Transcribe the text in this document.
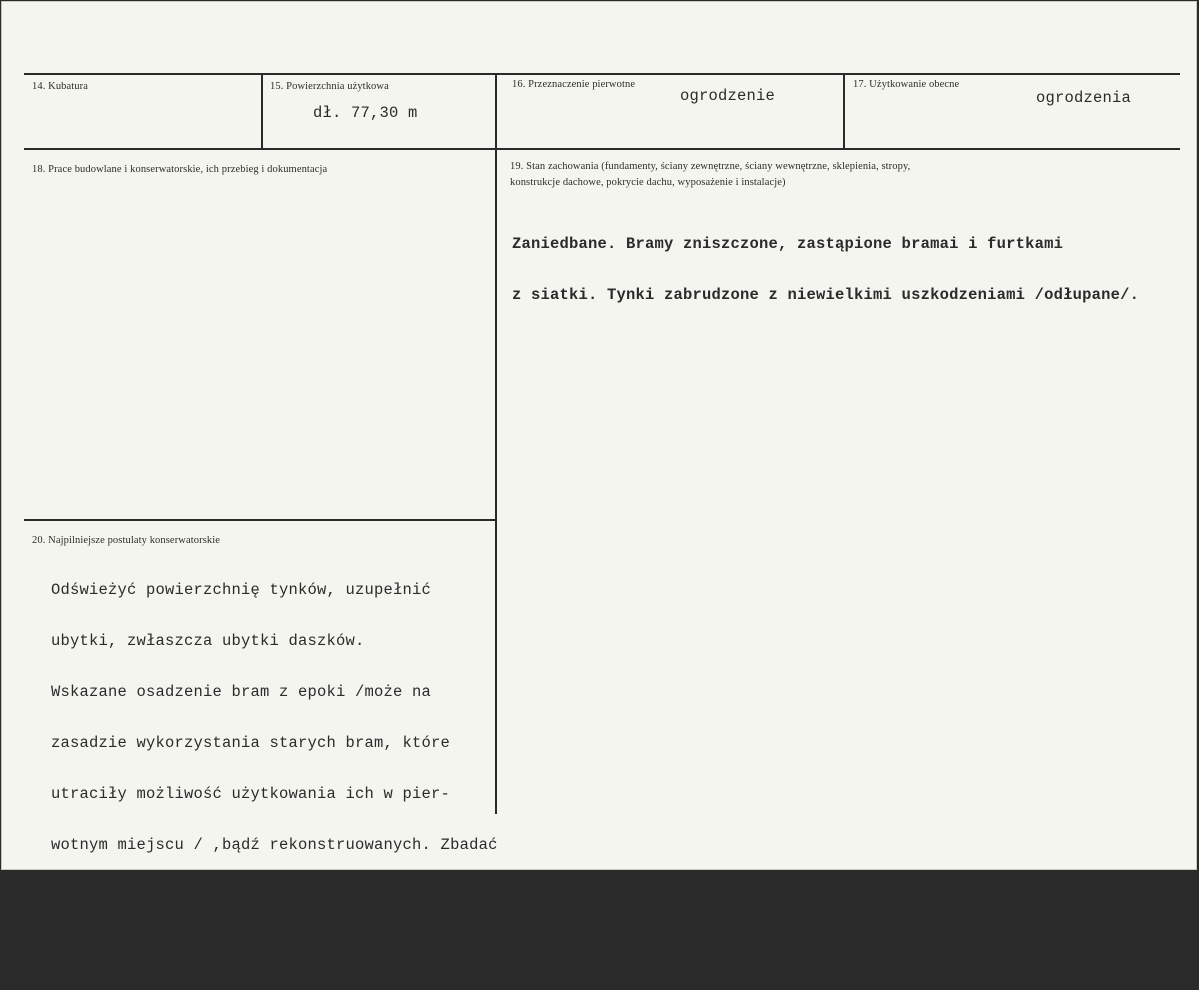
14. Kubatura	15. Powierzchnia użytkowa
dł. 77,30 m
16. Przeznaczenie pierwotne
ogrodzenie
17. Użytkowanie obecne
ogrodzenia
18. Prace budowlane i konserwatorskie, ich przebieg i dokumentacja	19. Stan zachowania (fundamenty, ściany zewnętrzne, ściany wewnętrzne, sklepienia, stropy,
konstrukcje dachowe, pokrycie dachu, wyposażenie i instalacje)

Zaniedbane. Bramy zniszczone, zastąpione bramai i furtkami

z siatki. Tynki zabrudzone z niewielkimi uszkodzeniami /odłupane/.

20. Najpilniejsze postulaty konserwatorskie

Odświeżyć powierzchnię tynków, uzupełnić

ubytki, zwłaszcza ubytki daszków.

Wskazane osadzenie bram z epoki /może na

zasadzie wykorzystania starych bram, które

utraciły możliwość użytkowania ich w pier-

wotnym miejscu / ,bądź rekonstruowanych. Zbadać

czy zakończenie słupów po stronie wsch.

jest pierwotne.
